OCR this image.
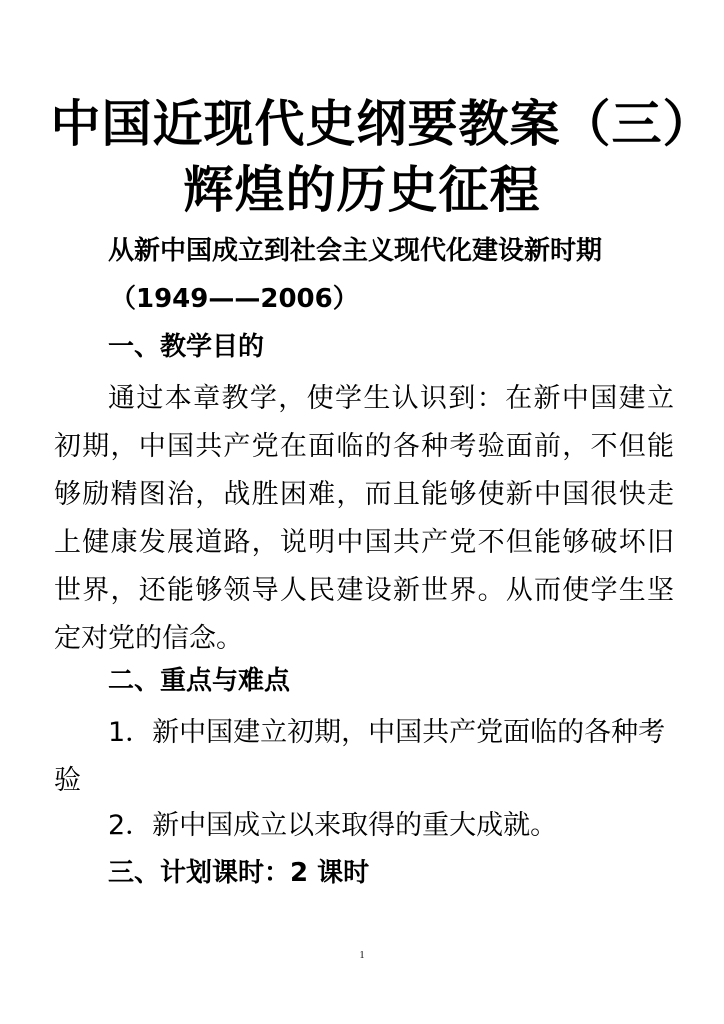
中国近现代史纲要教案（三）
辉煌的历史征程
从新中国成立到社会主义现代化建设新时期
（1949——2006）
一、教学目的
通过本章教学，使学生认识到：在新中国建立初期，中国共产党在面临的各种考验面前，不但能够励精图治，战胜困难，而且能够使新中国很快走上健康发展道路，说明中国共产党不但能够破坏旧世界，还能够领导人民建设新世界。从而使学生坚定对党的信念。
二、重点与难点
1．新中国建立初期，中国共产党面临的各种考验
2．新中国成立以来取得的重大成就。
三、计划课时：2 课时
1
